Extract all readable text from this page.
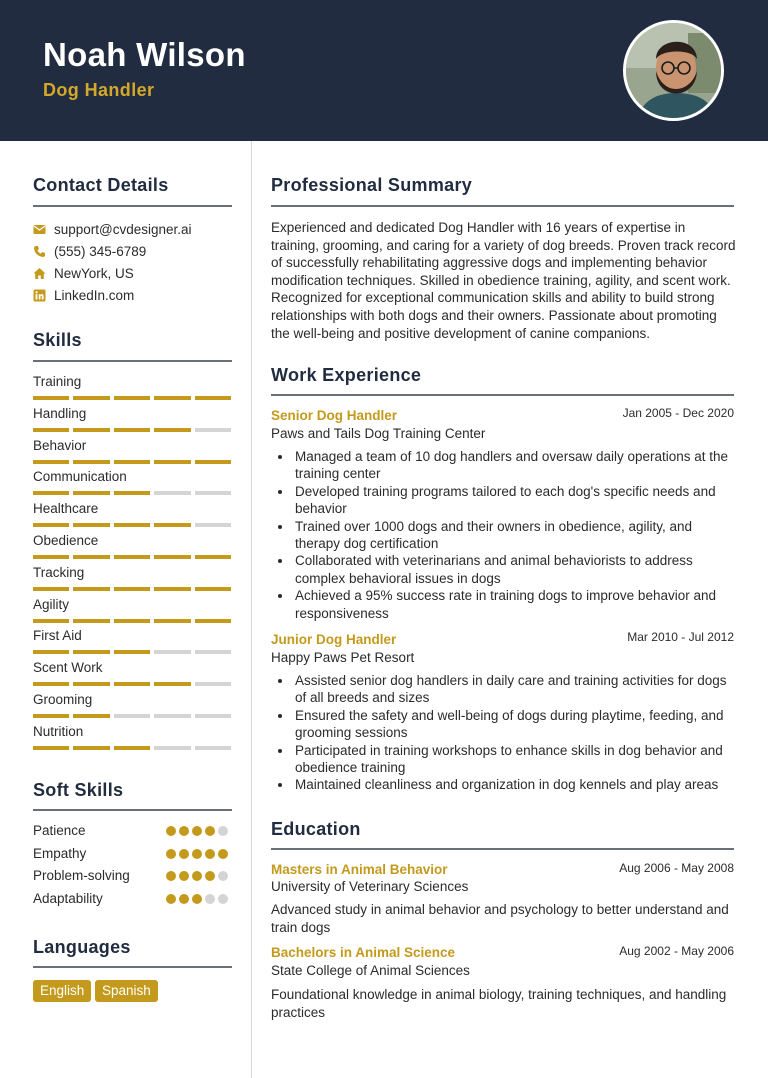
Noah Wilson
Dog Handler
Contact Details
support@cvdesigner.ai
(555) 345-6789
NewYork, US
LinkedIn.com
Skills
Training
Handling
Behavior
Communication
Healthcare
Obedience
Tracking
Agility
First Aid
Scent Work
Grooming
Nutrition
Soft Skills
Patience
Empathy
Problem-solving
Adaptability
Languages
English	Spanish
Professional Summary
Experienced and dedicated Dog Handler with 16 years of expertise in training, grooming, and caring for a variety of dog breeds. Proven track record of successfully rehabilitating aggressive dogs and implementing behavior modification techniques. Skilled in obedience training, agility, and scent work. Recognized for exceptional communication skills and ability to build strong relationships with both dogs and their owners. Passionate about promoting the well-being and positive development of canine companions.
Work Experience
Senior Dog Handler	Jan 2005 - Dec 2020
Paws and Tails Dog Training Center
Managed a team of 10 dog handlers and oversaw daily operations at the training center
Developed training programs tailored to each dog's specific needs and behavior
Trained over 1000 dogs and their owners in obedience, agility, and therapy dog certification
Collaborated with veterinarians and animal behaviorists to address complex behavioral issues in dogs
Achieved a 95% success rate in training dogs to improve behavior and responsiveness
Junior Dog Handler	Mar 2010 - Jul 2012
Happy Paws Pet Resort
Assisted senior dog handlers in daily care and training activities for dogs of all breeds and sizes
Ensured the safety and well-being of dogs during playtime, feeding, and grooming sessions
Participated in training workshops to enhance skills in dog behavior and obedience training
Maintained cleanliness and organization in dog kennels and play areas
Education
Masters in Animal Behavior	Aug 2006 - May 2008
University of Veterinary Sciences
Advanced study in animal behavior and psychology to better understand and train dogs
Bachelors in Animal Science	Aug 2002 - May 2006
State College of Animal Sciences
Foundational knowledge in animal biology, training techniques, and handling practices
